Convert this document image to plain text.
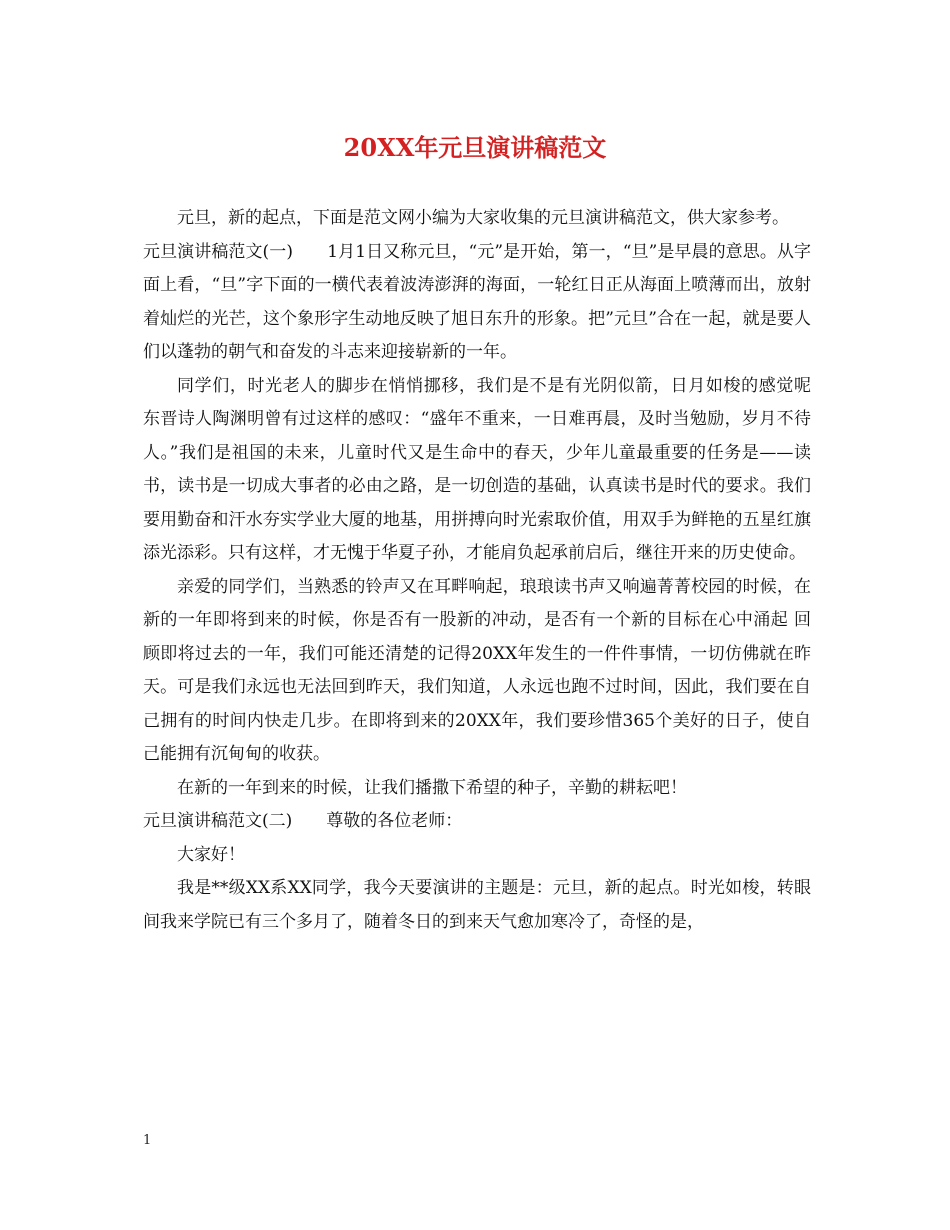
20XX年元旦演讲稿范文

元旦，新的起点，下面是范文网小编为大家收集的元旦演讲稿范文，供大家参考。

元旦演讲稿范文(一)　　1月1日又称元旦，“元”是开始，第一，“旦”是早晨的意思。从字面上看，“旦”字下面的一横代表着波涛澎湃的海面，一轮红日正从海面上喷薄而出，放射着灿烂的光芒，这个象形字生动地反映了旭日东升的形象。把”元旦”合在一起，就是要人们以蓬勃的朝气和奋发的斗志来迎接崭新的一年。

同学们，时光老人的脚步在悄悄挪移，我们是不是有光阴似箭，日月如梭的感觉呢 东晋诗人陶渊明曾有过这样的感叹：“盛年不重来，一日难再晨，及时当勉励，岁月不待人。”我们是祖国的未来，儿童时代又是生命中的春天，少年儿童最重要的任务是——读书，读书是一切成大事者的必由之路，是一切创造的基础，认真读书是时代的要求。我们要用勤奋和汗水夯实学业大厦的地基，用拼搏向时光索取价值，用双手为鲜艳的五星红旗添光添彩。只有这样，才无愧于华夏子孙，才能肩负起承前启后，继往开来的历史使命。

亲爱的同学们，当熟悉的铃声又在耳畔响起，琅琅读书声又响遍菁菁校园的时候，在新的一年即将到来的时候，你是否有一股新的冲动，是否有一个新的目标在心中涌起 回顾即将过去的一年，我们可能还清楚的记得20XX年发生的一件件事情，一切仿佛就在昨天。可是我们永远也无法回到昨天，我们知道，人永远也跑不过时间，因此，我们要在自己拥有的时间内快走几步。在即将到来的20XX年，我们要珍惜365个美好的日子，使自己能拥有沉甸甸的收获。

在新的一年到来的时候，让我们播撒下希望的种子，辛勤的耕耘吧！

元旦演讲稿范文(二)　　尊敬的各位老师：

大家好！

我是**级XX系XX同学，我今天要演讲的主题是：元旦，新的起点。时光如梭，转眼间我来学院已有三个多月了，随着冬日的到来天气愈加寒冷了，奇怪的是，

1
